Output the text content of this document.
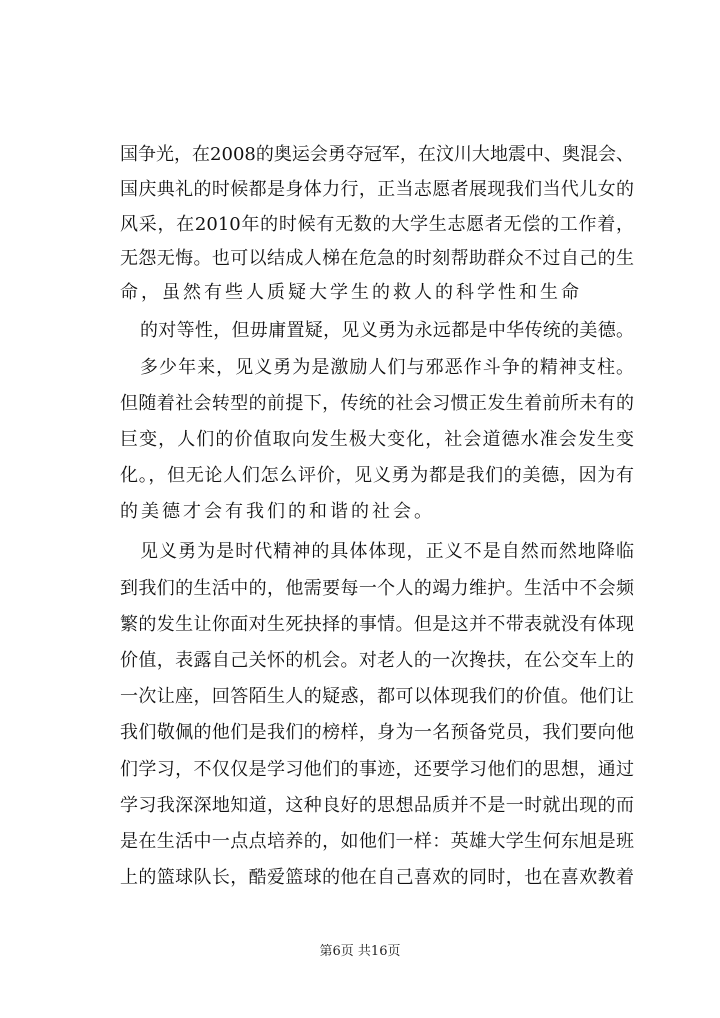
国争光，在2008的奥运会勇夺冠军，在汶川大地震中、奥混会、
国庆典礼的时候都是身体力行，正当志愿者展现我们当代儿女的
风采，在2010年的时候有无数的大学生志愿者无偿的工作着，
无怨无悔。也可以结成人梯在危急的时刻帮助群众不过自己的生
命，虽然有些人质疑大学生的救人的科学性和生命
的对等性，但毋庸置疑，见义勇为永远都是中华传统的美德。
多少年来，见义勇为是激励人们与邪恶作斗争的精神支柱。
但随着社会转型的前提下，传统的社会习惯正发生着前所未有的
巨变，人们的价值取向发生极大变化，社会道德水准会发生变
化。，但无论人们怎么评价，见义勇为都是我们的美德，因为有
的美德才会有我们的和谐的社会。
见义勇为是时代精神的具体体现，正义不是自然而然地降临
到我们的生活中的，他需要每一个人的竭力维护。生活中不会频
繁的发生让你面对生死抉择的事情。但是这并不带表就没有体现
价值，表露自己关怀的机会。对老人的一次搀扶，在公交车上的
一次让座，回答陌生人的疑惑，都可以体现我们的价值。他们让
我们敬佩的他们是我们的榜样，身为一名预备党员，我们要向他
们学习，不仅仅是学习他们的事迹，还要学习他们的思想，通过
学习我深深地知道，这种良好的思想品质并不是一时就出现的而
是在生活中一点点培养的，如他们一样：英雄大学生何东旭是班
上的篮球队长，酷爱篮球的他在自己喜欢的同时，也在喜欢教着
第6页 共16页
